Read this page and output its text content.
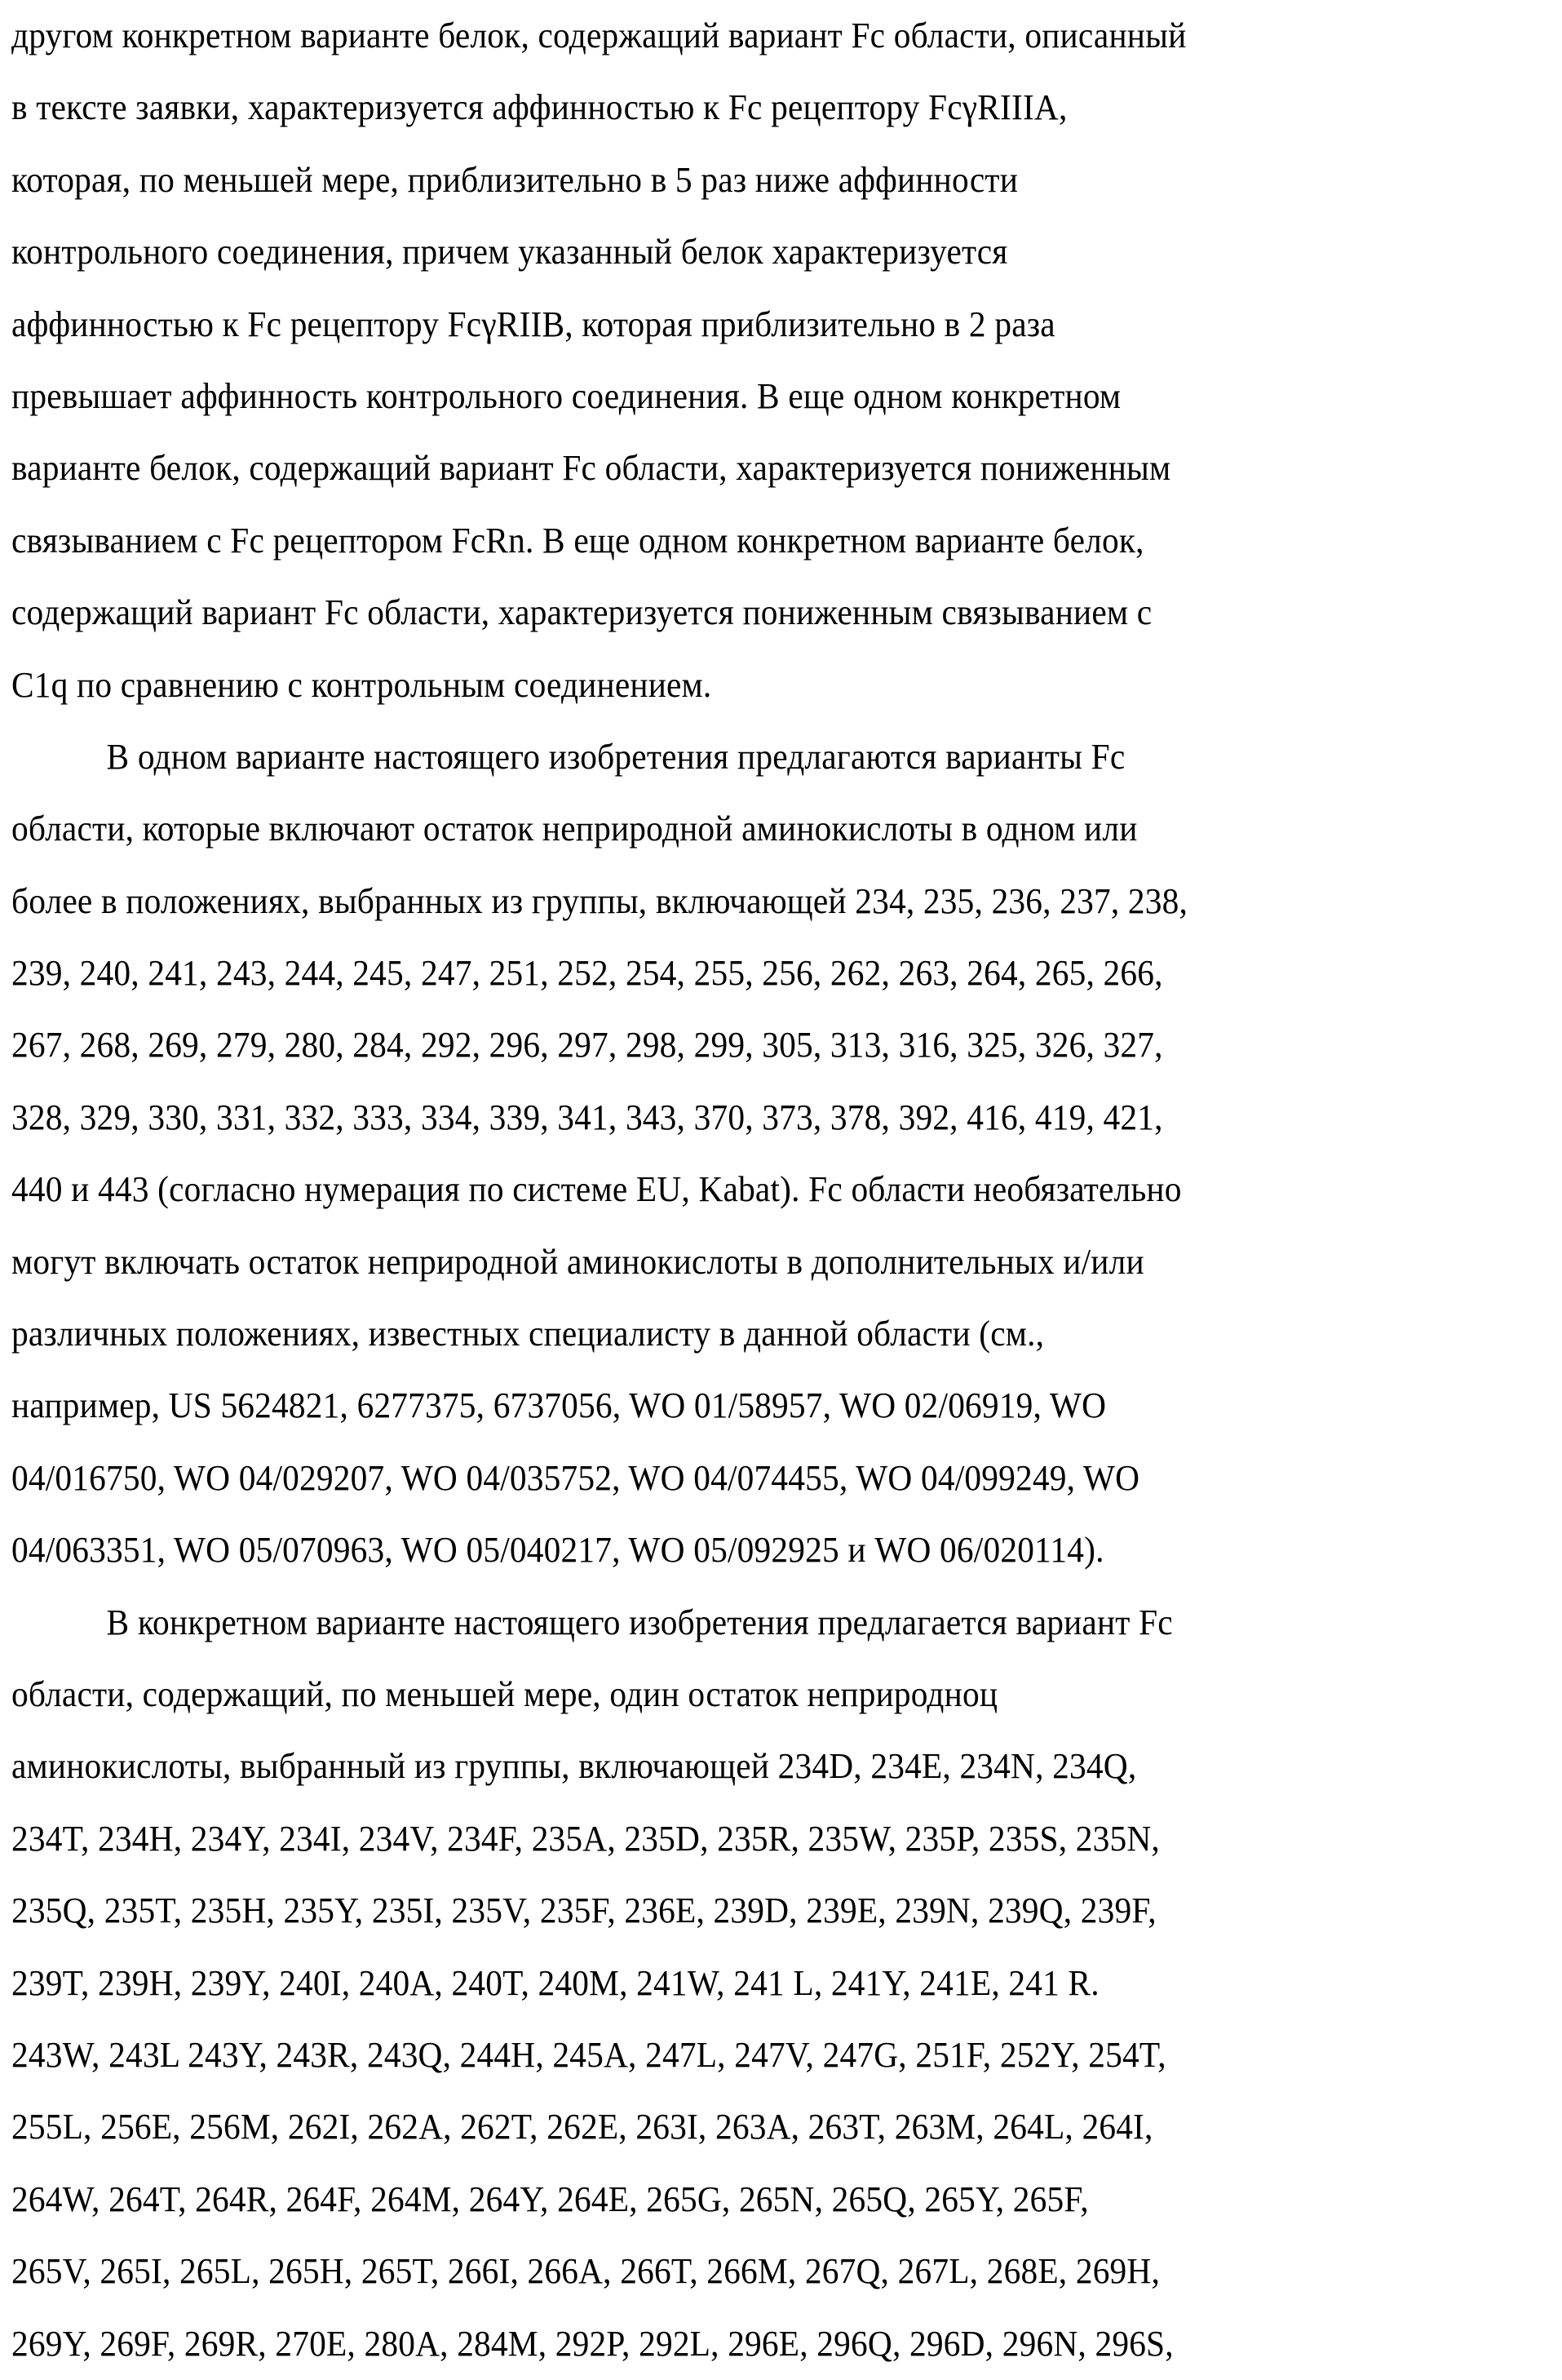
другом конкретном варианте белок, содержащий вариант Fc области, описанный
в тексте заявки, характеризуется аффинностью к Fc рецептору FcγRIIIA,
которая, по меньшей мере, приблизительно в 5 раз ниже аффинности
контрольного соединения, причем указанный белок характеризуется
аффинностью к Fc рецептору FcγRIIB, которая приблизительно в 2 раза
превышает аффинность контрольного соединения. В еще одном конкретном
варианте белок, содержащий вариант Fc области, характеризуется пониженным
связыванием с Fc рецептором FcRn. В еще одном конкретном варианте белок,
содержащий вариант Fc области, характеризуется пониженным связыванием с
C1q по сравнению с контрольным соединением.
В одном варианте настоящего изобретения предлагаются варианты Fc
области, которые включают остаток неприродной аминокислоты в одном или
более в положениях, выбранных из группы, включающей 234, 235, 236, 237, 238,
239, 240, 241, 243, 244, 245, 247, 251, 252, 254, 255, 256, 262, 263, 264, 265, 266,
267, 268, 269, 279, 280, 284, 292, 296, 297, 298, 299, 305, 313, 316, 325, 326, 327,
328, 329, 330, 331, 332, 333, 334, 339, 341, 343, 370, 373, 378, 392, 416, 419, 421,
440 и 443 (согласно нумерация по системе EU, Kabat). Fc области необязательно
могут включать остаток неприродной аминокислоты в дополнительных и/или
различных положениях, известных специалисту в данной области (см.,
например, US 5624821, 6277375, 6737056, WO 01/58957, WO 02/06919, WO
04/016750, WO 04/029207, WO 04/035752, WO 04/074455, WO 04/099249, WO
04/063351, WO 05/070963, WO 05/040217, WO 05/092925 и WO 06/020114).
В конкретном варианте настоящего изобретения предлагается вариант Fc
области, содержащий, по меньшей мере, один остаток неприродноц
аминокислоты, выбранный из группы, включающей 234D, 234E, 234N, 234Q,
234T, 234H, 234Y, 234I, 234V, 234F, 235A, 235D, 235R, 235W, 235P, 235S, 235N,
235Q, 235T, 235H, 235Y, 235I, 235V, 235F, 236E, 239D, 239E, 239N, 239Q, 239F,
239T, 239H, 239Y, 240I, 240A, 240T, 240M, 241W, 241 L, 241Y, 241E, 241 R.
243W, 243L 243Y, 243R, 243Q, 244H, 245A, 247L, 247V, 247G, 251F, 252Y, 254T,
255L, 256E, 256M, 262I, 262A, 262T, 262E, 263I, 263A, 263T, 263M, 264L, 264I,
264W, 264T, 264R, 264F, 264M, 264Y, 264E, 265G, 265N, 265Q, 265Y, 265F,
265V, 265I, 265L, 265H, 265T, 266I, 266A, 266T, 266M, 267Q, 267L, 268E, 269H,
269Y, 269F, 269R, 270E, 280A, 284M, 292P, 292L, 296E, 296Q, 296D, 296N, 296S,
